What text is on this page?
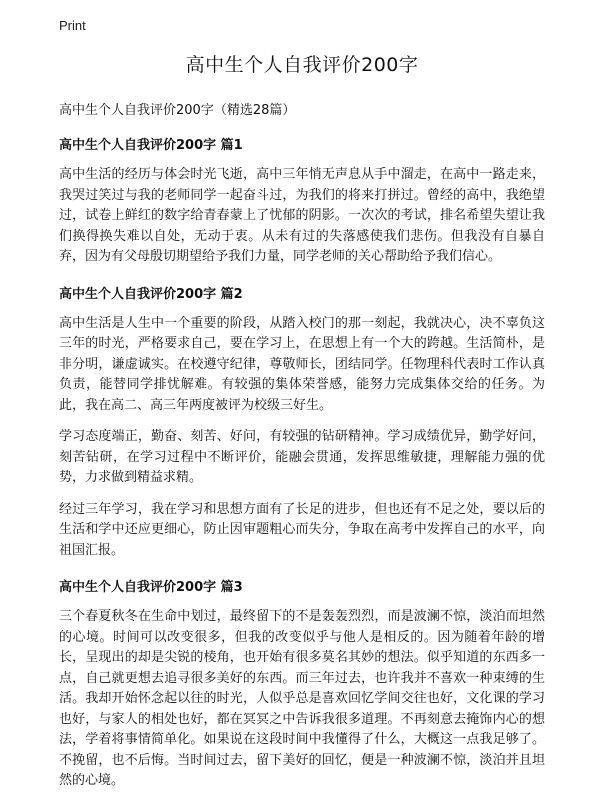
Print
高中生个人自我评价200字

高中生个人自我评价200字（精选28篇）

高中生个人自我评价200字 篇1

高中生活的经历与体会时光飞逝，高中三年悄无声息从手中溜走，在高中一路走来，我哭过笑过与我的老师同学一起奋斗过，为我们的将来打拼过。曾经的高中，我绝望过，试卷上鲜红的数字给青春蒙上了忧郁的阴影。一次次的考试，排名希望失望让我们换得换失难以自处，无动于衷。从未有过的失落感使我们悲伤。但我没有自暴自弃，因为有父母殷切期望给予我们力量，同学老师的关心帮助给予我们信心。

高中生个人自我评价200字 篇2

高中生活是人生中一个重要的阶段，从踏入校门的那一刻起，我就决心，决不辜负这三年的时光，严格要求自己，要在学习上，在思想上有一个大的跨越。生活简朴，是非分明，谦虚诚实。在校遵守纪律，尊敬师长，团结同学。任物理科代表时工作认真负责，能替同学排忧解难。有较强的集体荣誉感，能努力完成集体交给的任务。为此，我在高二、高三年两度被评为校级三好生。

学习态度端正，勤奋、刻苦、好问，有较强的钻研精神。学习成绩优异，勤学好问，刻苦钻研，在学习过程中不断评价，能融会贯通，发挥思维敏捷，理解能力强的优势，力求做到精益求精。

经过三年学习，我在学习和思想方面有了长足的进步，但也还有不足之处，要以后的生活和学中还应更细心，防止因审题粗心而失分，争取在高考中发挥自己的水平，向祖国汇报。

高中生个人自我评价200字 篇3

三个春夏秋冬在生命中划过，最终留下的不是轰轰烈烈，而是波澜不惊，淡泊而坦然的心境。时间可以改变很多，但我的改变似乎与他人是相反的。因为随着年龄的增长，呈现出的却是尖锐的棱角，也开始有很多莫名其妙的想法。似乎知道的东西多一点，自己就更想去追寻很多美好的东西。而三年过去，也许我并不喜欢一种束缚的生活。我却开始怀念起以往的时光，人似乎总是喜欢回忆学间交往也好，文化课的学习也好，与家人的相处也好，都在冥冥之中告诉我很多道理。不再刻意去掩饰内心的想法，学着将事情简单化。如果说在这段时间中我懂得了什么，大概这一点我足够了。不挽留，也不后悔。当时间过去，留下美好的回忆，便是一种波澜不惊，淡泊并且坦然的心境。
